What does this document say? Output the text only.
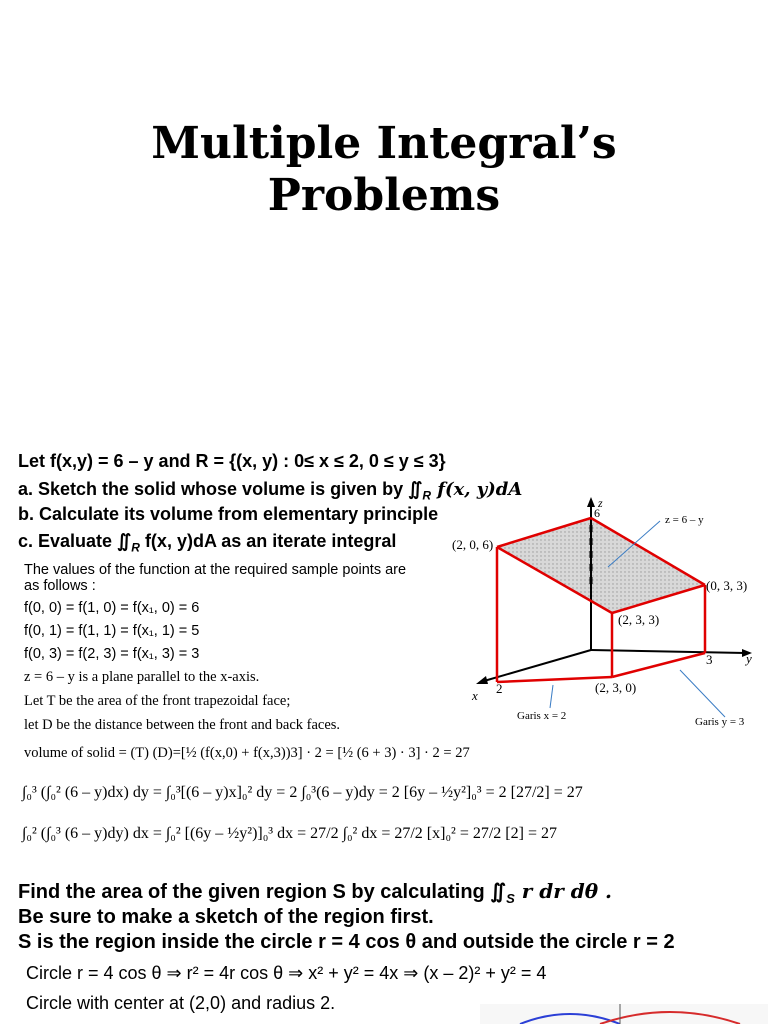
Multiple Integral’s
Problems
Let f(x,y) = 6 – y and R = {(x, y) : 0≤ x ≤ 2, 0 ≤ y ≤ 3}
a. Sketch the solid whose volume is given by $∬_R$ f(x, y)dA
b. Calculate its volume from elementary principle
c. Evaluate $∬_R$ f(x, y)dA as an iterate integral
The values of the function at the required sample points are
as follows :
f(0, 0) = f(1, 0) = f(x₁, 0) = 6
f(0, 1) = f(1, 1) = f(x₁, 1) = 5
f(0, 3) = f(2, 3) = f(x₁, 3) = 3
z = 6 – y is a plane parallel to the x-axis.
Let T be the area of the front trapezoidal face;
let D be the distance between the front and back faces.
volume of solid = (T) (D)=[½ (f(x,0) + f(x,3))3] · 2 = [½ (6 + 3) · 3] · 2 = 27
∫₀³ (∫₀² (6 – y)dx) dy = ∫₀³[(6 – y)x]₀² dy = 2 ∫₀³(6 – y)dy = 2 [6y – ½y²]₀³ = 2 [27/2] = 27
∫₀² (∫₀³ (6 – y)dy) dx = ∫₀² [(6y – ½y²)]₀³ dx = 27/2 ∫₀² dx = 27/2 [x]₀² = 27/2 [2] = 27
z
6	z = 6 – y
(2, 0, 6)
(0, 3, 3)
(2, 3, 3)
3	y
x 2	(2, 3, 0)
Garis x = 2	Garis y = 3
Find the area of the given region S by calculating $∬_S$ r dr dθ .
Be sure to make a sketch of the region first.
S is the region inside the circle r = 4 cos θ and outside the circle r = 2
Circle r = 4 cos θ ⇒ r² = 4r cos θ ⇒ x² + y² = 4x ⇒ (x – 2)² + y² = 4
Circle with center at (2,0) and radius 2.
